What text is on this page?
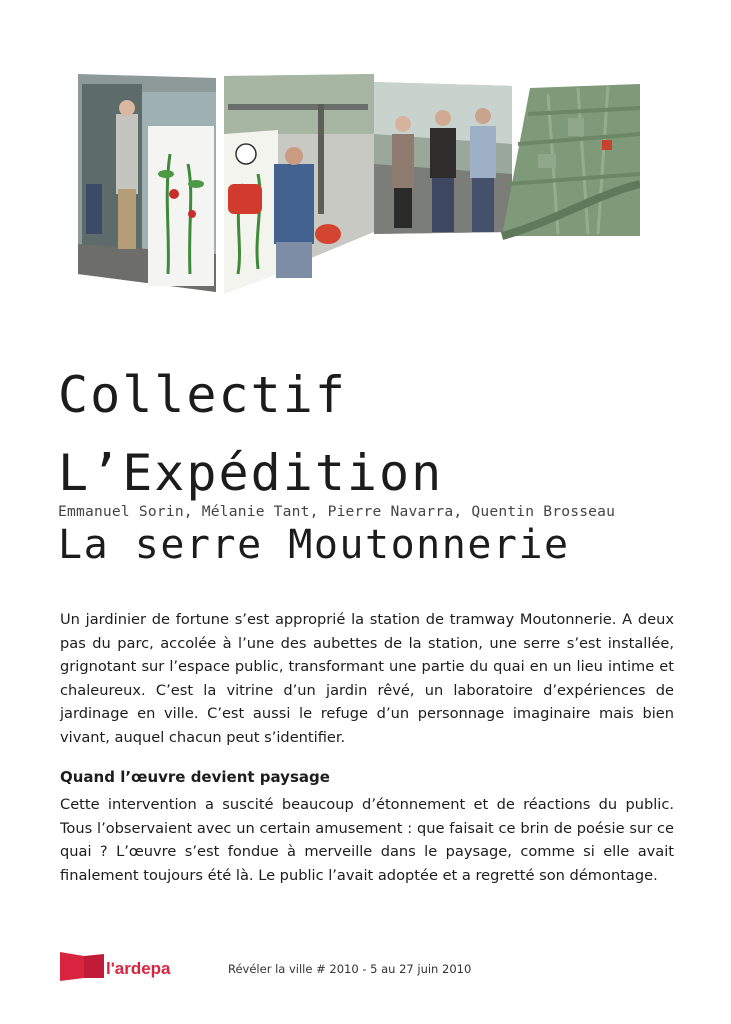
Collectif
L’Expédition
Emmanuel Sorin, Mélanie Tant, Pierre Navarra, Quentin Brosseau
La serre Moutonnerie
Un jardinier de fortune s’est approprié la station de tramway Moutonnerie. A deux pas du parc, accolée à l’une des aubettes de la station, une serre s’est installée, grignotant sur l’espace public, transformant une partie du quai en un lieu intime et chaleureux. C’est la vitrine d’un jardin rêvé, un laboratoire d’expériences de jardinage en ville. C’est aussi le refuge d’un personnage imaginaire mais bien vivant, auquel chacun peut s’identifier.
Quand l’œuvre devient paysage
Cette intervention a suscité beaucoup d’étonnement et de réactions du public. Tous l’observaient avec un certain amusement : que faisait ce brin de poésie sur ce quai ? L’œuvre s’est fondue à merveille dans le paysage, comme si elle avait finalement toujours été là. Le public l’avait adoptée et a regretté son démontage.
l'ardepa	Révéler la ville # 2010 - 5 au 27 juin 2010
